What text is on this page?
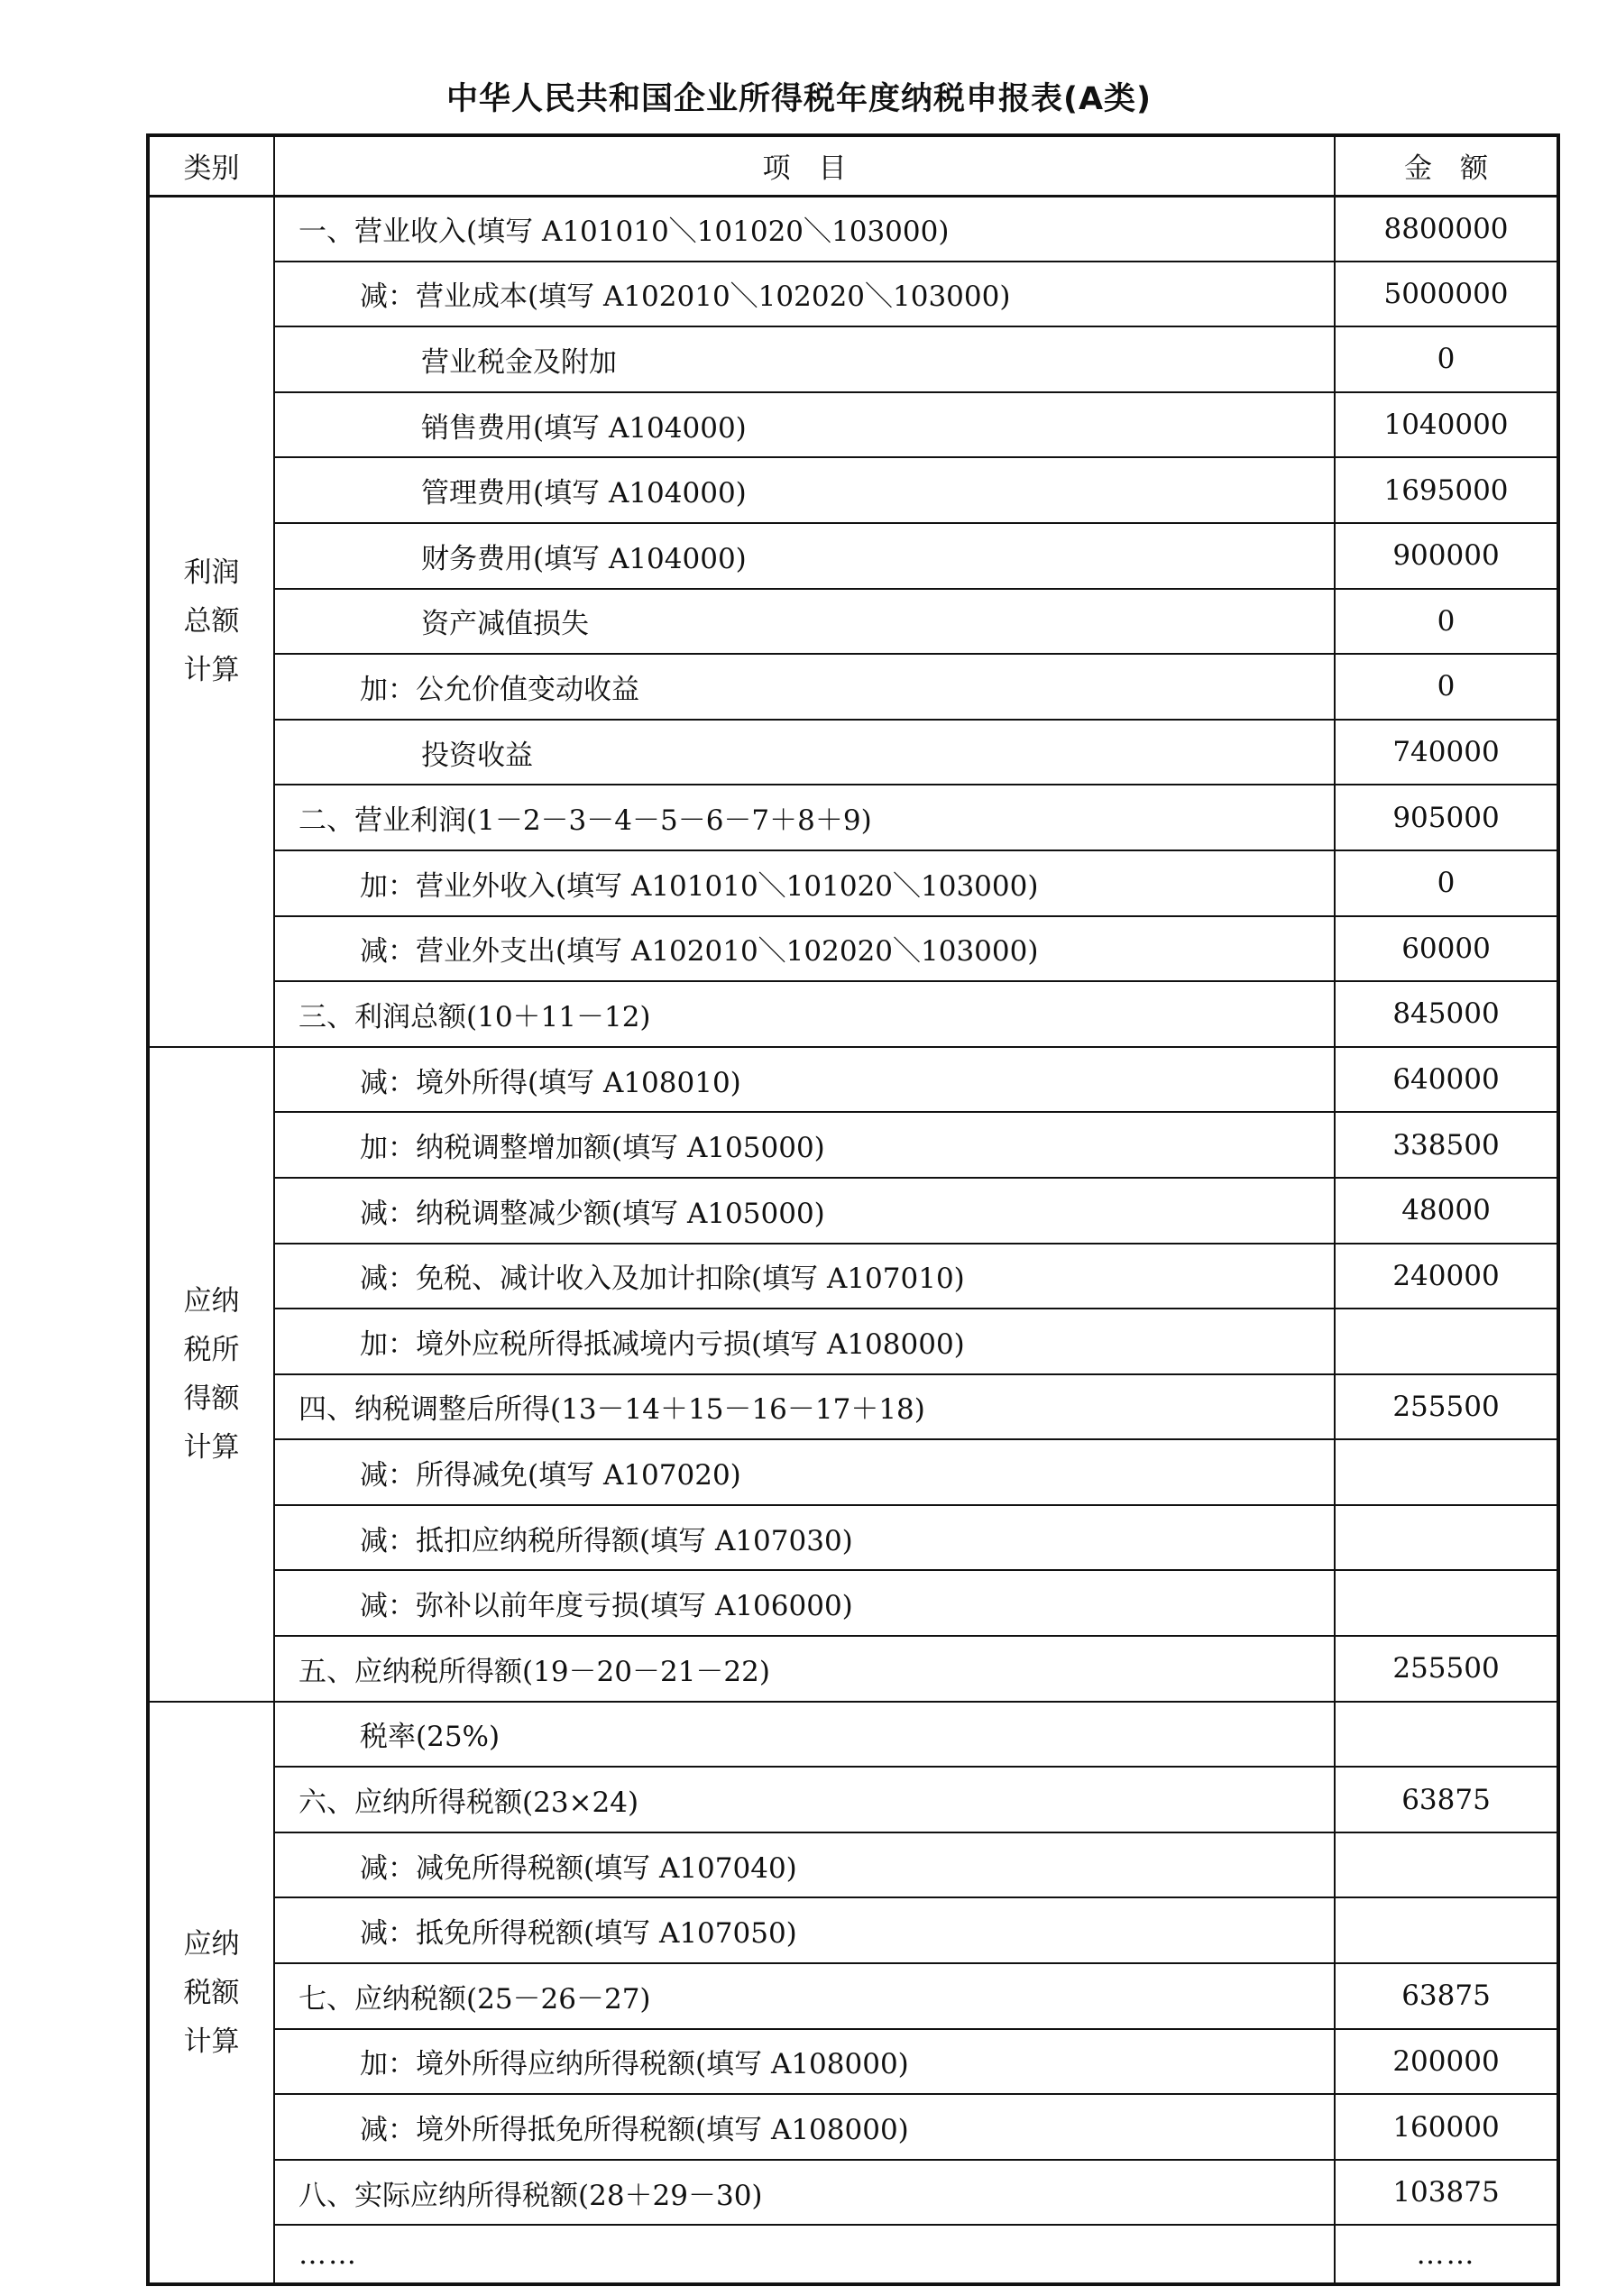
中华人民共和国企业所得税年度纳税申报表(A类)
类别	项　目	金　额

利润
总额
计算	一、营业收入(填写 A101010＼101020＼103000)	8800000
	减：营业成本(填写 A102010＼102020＼103000)	5000000
	营业税金及附加	0
	销售费用(填写 A104000)	1040000
	管理费用(填写 A104000)	1695000
	财务费用(填写 A104000)	900000
	资产减值损失	0
	加：公允价值变动收益	0
	投资收益	740000
	二、营业利润(1－2－3－4－5－6－7＋8＋9)	905000
	加：营业外收入(填写 A101010＼101020＼103000)	0
	减：营业外支出(填写 A102010＼102020＼103000)	60000
	三、利润总额(10＋11－12)	845000

应纳
税所
得额
计算	减：境外所得(填写 A108010)	640000
	加：纳税调整增加额(填写 A105000)	338500
	减：纳税调整减少额(填写 A105000)	48000
	减：免税、减计收入及加计扣除(填写 A107010)	240000
	加：境外应税所得抵减境内亏损(填写 A108000)	
	四、纳税调整后所得(13－14＋15－16－17＋18)	255500
	减：所得减免(填写 A107020)	
	减：抵扣应纳税所得额(填写 A107030)	
	减：弥补以前年度亏损(填写 A106000)	
	五、应纳税所得额(19－20－21－22)	255500

应纳
税额
计算	税率(25%)	
	六、应纳所得税额(23×24)	63875
	减：减免所得税额(填写 A107040)	
	减：抵免所得税额(填写 A107050)	
	七、应纳税额(25－26－27)	63875
	加：境外所得应纳所得税额(填写 A108000)	200000
	减：境外所得抵免所得税额(填写 A108000)	160000
	八、实际应纳所得税额(28＋29－30)	103875
	……	……
